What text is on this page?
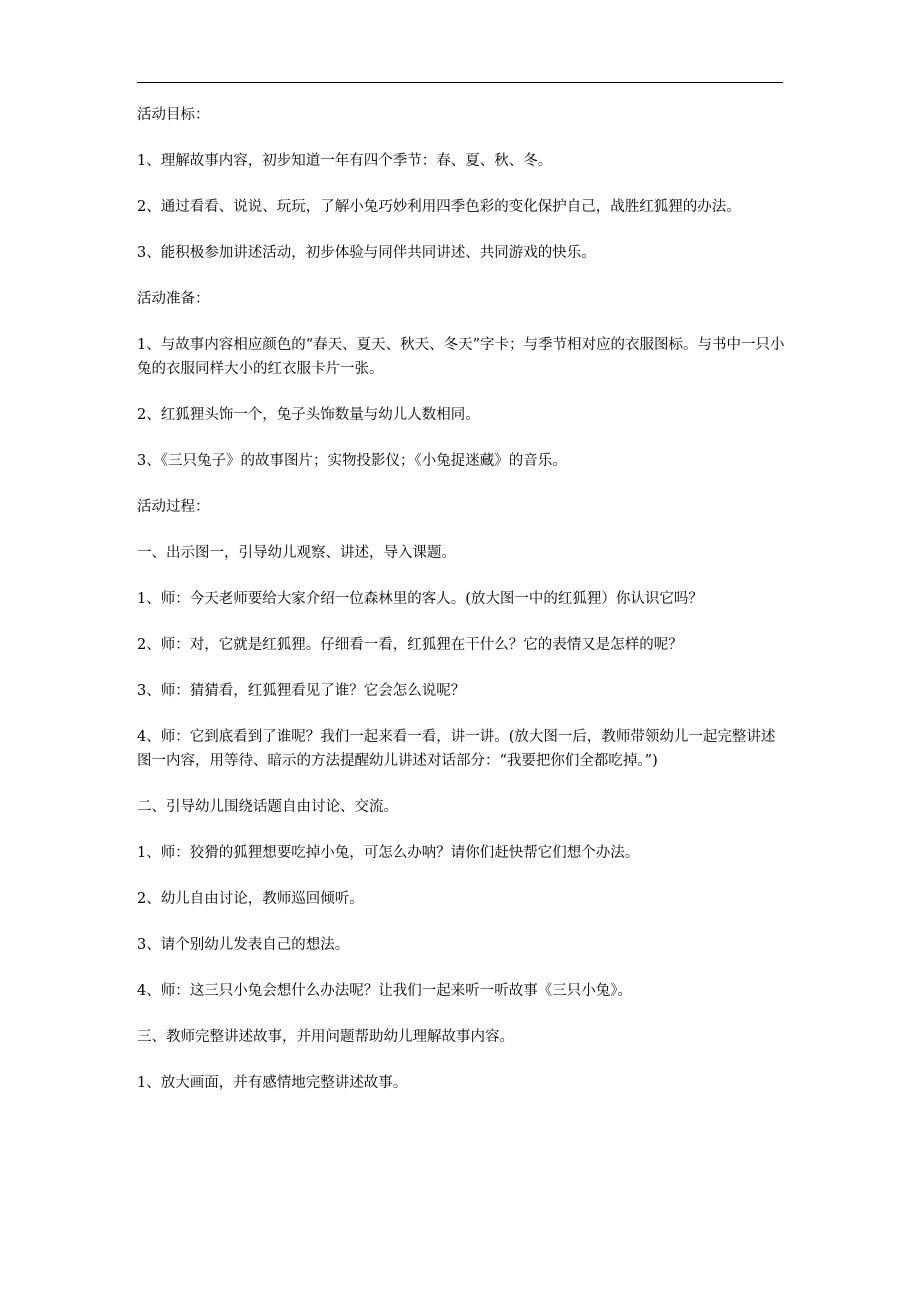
活动目标：

1、理解故事内容，初步知道一年有四个季节：春、夏、秋、冬。

2、通过看看、说说、玩玩，了解小兔巧妙利用四季色彩的变化保护自己，战胜红狐狸的办法。

3、能积极参加讲述活动，初步体验与同伴共同讲述、共同游戏的快乐。

活动准备：

1、与故事内容相应颜色的“春天、夏天、秋天、冬天”字卡；与季节相对应的衣服图标。与书中一只小兔的衣服同样大小的红衣服卡片一张。

2、红狐狸头饰一个，兔子头饰数量与幼儿人数相同。

3、《三只兔子》的故事图片；实物投影仪；《小兔捉迷藏》的音乐。

活动过程：

一、出示图一，引导幼儿观察、讲述，导入课题。

1、师：今天老师要给大家介绍一位森林里的客人。(放大图一中的红狐狸）你认识它吗？

2、师：对，它就是红狐狸。仔细看一看，红狐狸在干什么？它的表情又是怎样的呢？

3、师：猜猜看，红狐狸看见了谁？它会怎么说呢？

4、师：它到底看到了谁呢？我们一起来看一看，讲一讲。(放大图一后，教师带领幼儿一起完整讲述图一内容，用等待、暗示的方法提醒幼儿讲述对话部分：“我要把你们全都吃掉。”)

二、引导幼儿围绕话题自由讨论、交流。

1、师：狡猾的狐狸想要吃掉小兔，可怎么办呐？请你们赶快帮它们想个办法。

2、幼儿自由讨论，教师巡回倾听。

3、请个别幼儿发表自己的想法。

4、师：这三只小兔会想什么办法呢？让我们一起来听一听故事《三只小兔》。

三、教师完整讲述故事，并用问题帮助幼儿理解故事内容。

1、放大画面，并有感情地完整讲述故事。
